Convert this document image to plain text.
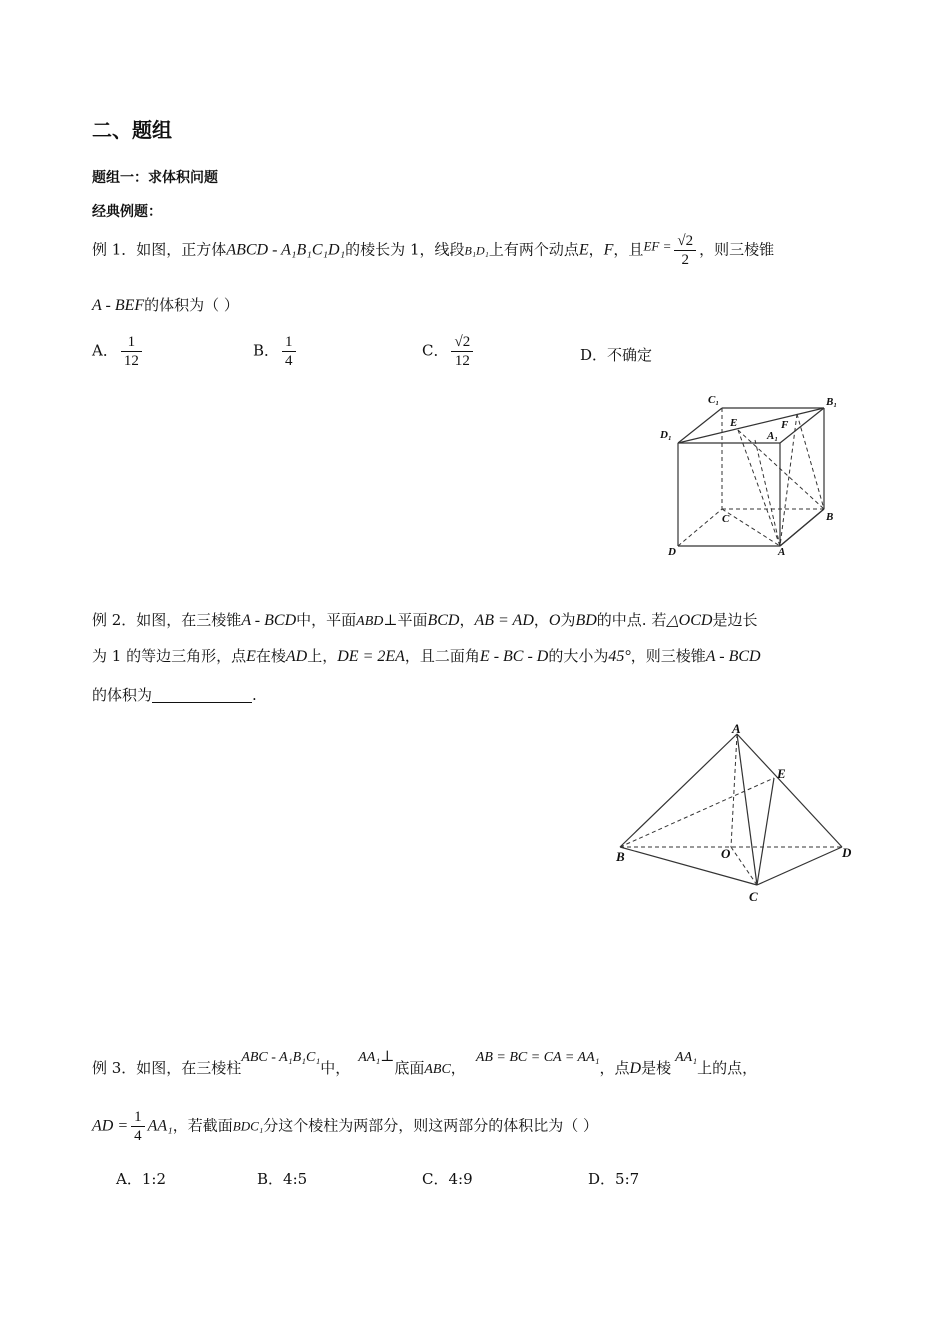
二、题组
题组一：求体积问题
经典例题：
例 1．如图，正方体ABCD - A₁B₁C₁D₁的棱长为 1，线段B₁D₁上有两个动点E，F，且EF = $\frac{√2}{2}$ ，则三棱锥
A - BEF的体积为（ ）
A． $\frac{1}{12}$	B． $\frac{1}{4}$	C． $\frac{√2}{12}$	D．不确定
C₁	B₁
D₁
E	F
A₁
C	B
D	A
例 2．如图，在三棱锥A - BCD中，平面ABD⊥平面BCD，AB = AD，O为BD的中点. 若△OCD是边长
为 1 的等边三角形，点E在棱AD上，DE = 2EA，且二面角E - BC - D的大小为45°，则三棱锥A - BCD
的体积为	.
A
E
B	O	D
C
例 3．如图，在三棱柱ABC - A₁B₁C₁中，AA₁⊥底面ABC，AB = BC = CA = AA₁，点D是棱AA₁上的点，
AD = $\frac{1}{4} AA_1$，若截面BDC₁分这个棱柱为两部分，则这两部分的体积比为（ ）
A．1:2	B．4:5	C．4:9	D．5:7
